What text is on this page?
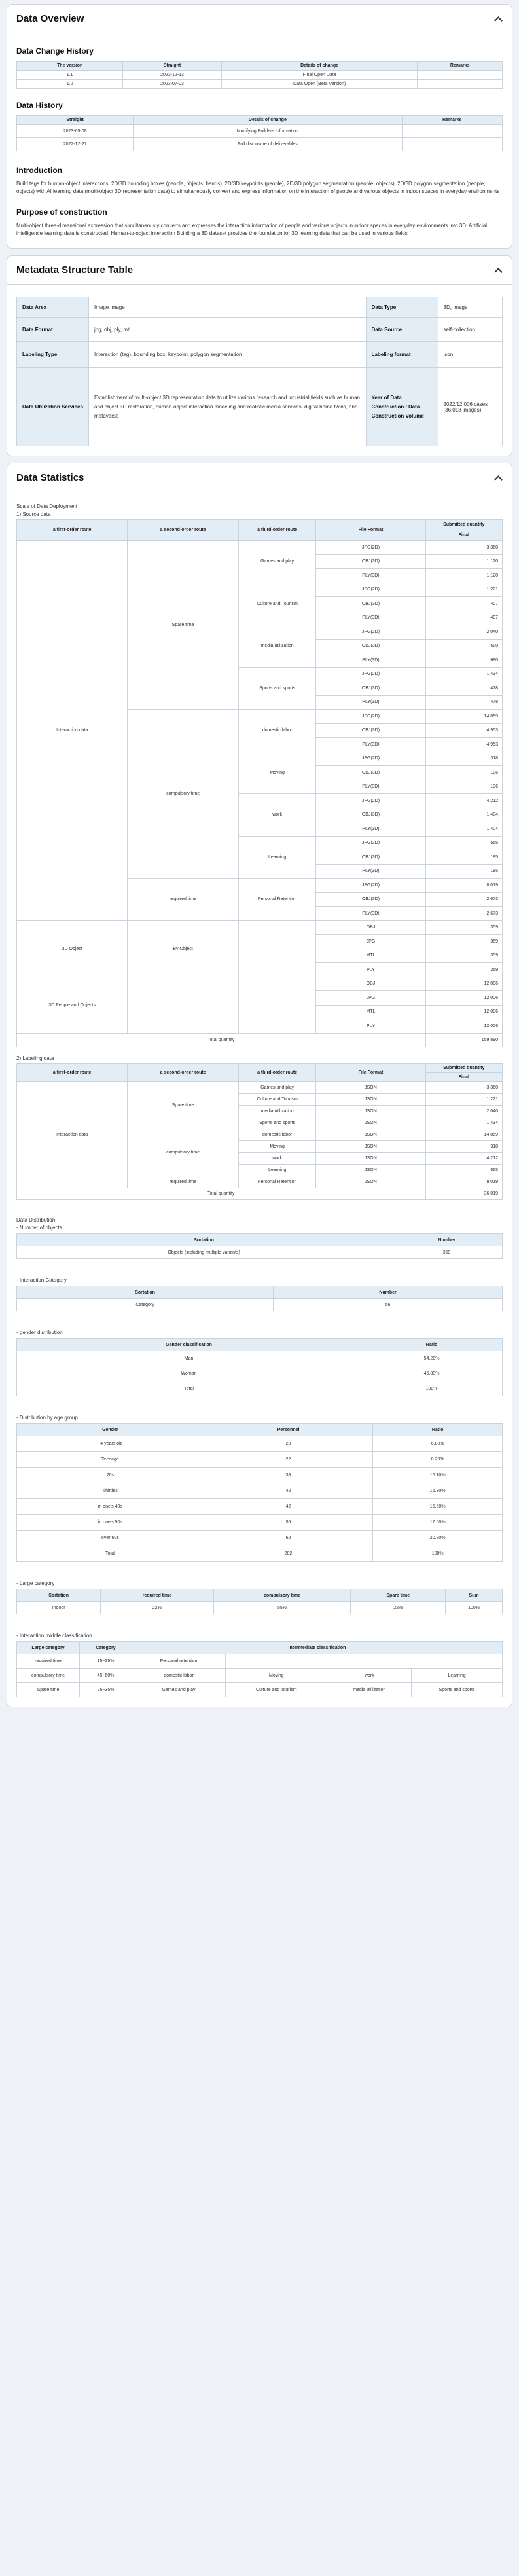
Data Overview
Data Change History
The version	Straight	Details of change	Remarks
1.1	2023-12-13	Final Open Data	
1.0	2023-07-03	Data Open (Beta Version)	
Data History
Straight	Details of change	Remarks
2023-05-08	Modifying Builders Information	
2022-12-27	Full disclosure of deliverables	
Introduction

Build tags for human-object interactions, 2D/3D bounding boxes (people, objects, hands), 2D/3D keypoints (people), 2D/3D polygon segmentation (people, objects), 2D/3D polygon segmentation (people, objects) with AI learning data (multi-object 3D representation data) to simultaneously convert and express information on the interaction of people and various objects in indoor spaces in everyday environments

Purpose of construction

Multi-object three-dimensional expression that simultaneously converts and expresses the interaction information of people and various objects in indoor spaces in everyday environments into 3D. Artificial intelligence learning data is constructed. Human-to-object interaction Building a 3D dataset provides the foundation for 3D learning data that can be used in various fields

Metadata Structure Table
Data Area	Image Image	Data Type	3D, Image
Data Format	jpg, obj, ply, mtl	Data Source	self-collection
Labeling Type	Interaction (tag), bounding box, keypoint, polygon segmentation	Labeling format	json
Data Utilization Services	Establishment of multi-object 3D representation data to utilize various research and industrial fields such as human and object 3D restoration, human-object interaction modeling and realistic media services, digital home twins, and metaverse	Year of Data Construction / Data Construction Volume	2022/12,006 cases (36,018 images)
Data Statistics
Scale of Data Deployment
1) Source data
a first-order route	a second-order route	a third-order route	File Format	Submitted quantity
				Final
Interaction data	Spare time	Games and play	JPG(2D)	3,360
			OBJ(3D)	1,120
			PLY(3D)	1,120
		Culture and Tourism	JPG(2D)	1,221
			OBJ(3D)	407
			PLY(3D)	407
		media utilization	JPG(2D)	2,040
			OBJ(3D)	680
			PLY(3D)	680
		Sports and sports	JPG(2D)	1,434
			OBJ(3D)	478
			PLY(3D)	478
	compulsory time	domestic labor	JPG(2D)	14,859
			OBJ(3D)	4,953
			PLY(3D)	4,953
		Moving	JPG(2D)	318
			OBJ(3D)	106
			PLY(3D)	106
		work	JPG(2D)	4,212
			OBJ(3D)	1,404
			PLY(3D)	1,404
		Learning	JPG(2D)	555
			OBJ(3D)	185
			PLY(3D)	185
	required time	Personal Retention	JPG(2D)	8,019
			OBJ(3D)	2,673
			PLY(3D)	2,673
3D Object	By Object		OBJ	359
			JPG	359
			MTL	359
			PLY	359
3D People and Objects			OBJ	12,006
			JPG	12,006
			MTL	12,006
			PLY	12,006
Total quantity				159,890
2) Labeling data
a first-order route	a second-order route	a third-order route	File Format	Submitted quantity
				Final
Interaction data	Spare time	Games and play	JSON	3,360
		Culture and Tourism	JSON	1,221
		media utilization	JSON	2,040
		Sports and sports	JSON	1,434
	compulsory time	domestic labor	JSON	14,859
		Moving	JSON	318
		work	JSON	4,212
		Learning	JSON	555
	required time	Personal Retention	JSON	8,019
Total quantity				36,019
Data Distribution
- Number of objects
Sortation	Number
Objects (including multiple variants)	359
- Interaction Category
Sortation	Number
Category	56
- gender distribution
Gender classification	Ratio
Man	54.20%
Woman	45.80%
Total	100%
- Distribution by age group
Gender	Personnel	Ratio
~4 years old	20	6.80%
Teenage	22	8.20%
20s	38	16.10%
Thirties	42	16.30%
in one's 40s	42	15.50%
in one's 50s	55	17.50%
over 60s	62	20.80%
Total	282	100%
- Large category
Sortation	required time	compulsory time	Spare time	Sum
Indoor	22%	55%	22%	100%
- Interaction middle classification
Large category	Category	Intermediate classification			
required time	15~25%	Personal retention			
compulsory time	45~60%	domestic labor	Moving	work	Learning
Spare time	25~35%	Games and play	Culture and Tourism	media utilization	Sports and sports
